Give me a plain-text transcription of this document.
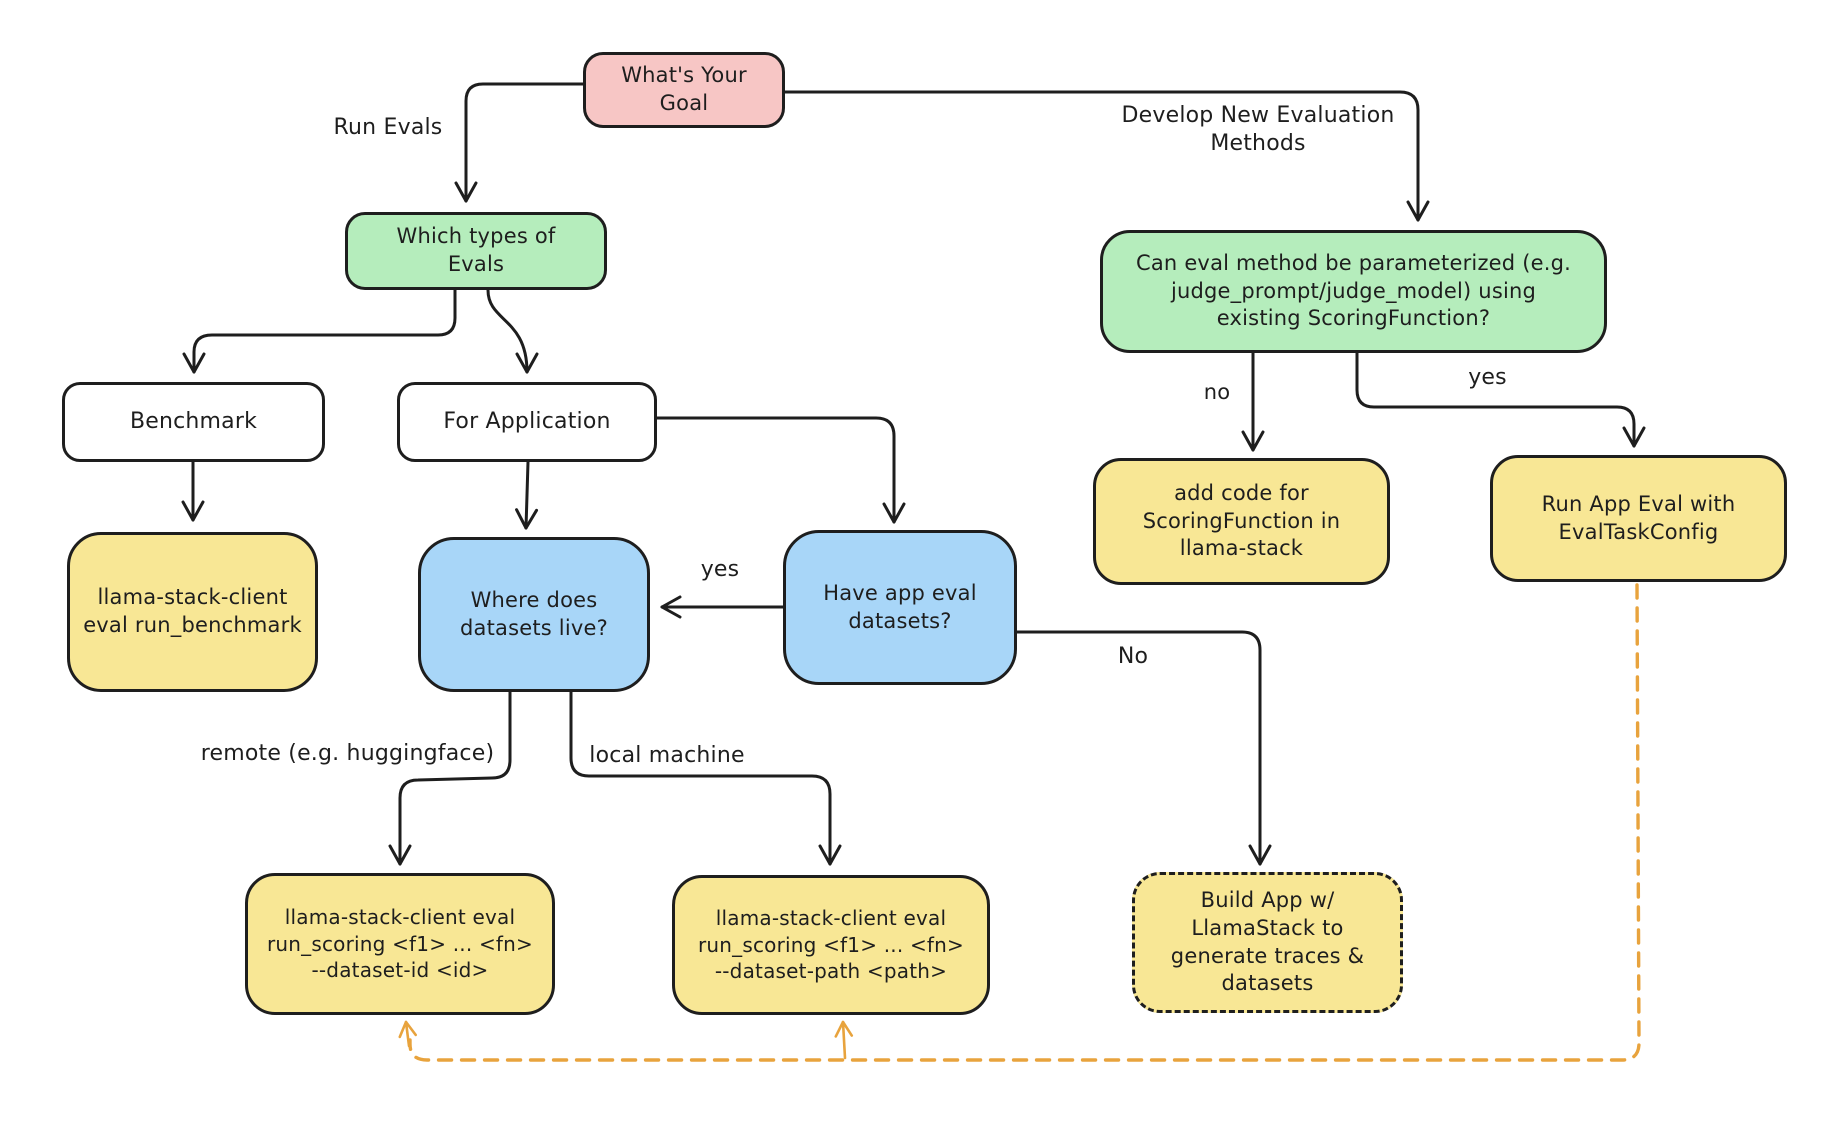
What's Your
Goal
Which types of
Evals	Can eval method be parameterized (e.g.
judge_prompt/judge_model) using
existing ScoringFunction?
Benchmark	For Application
llama-stack-client
eval run_benchmark
Where does
datasets live?
Have app eval
datasets?
add code for
ScoringFunction in
llama-stack
Run App Eval with
EvalTaskConfig
llama-stack-client eval
run_scoring <f1> ... <fn>
--dataset-id <id>
llama-stack-client eval
run_scoring <f1> ... <fn>
--dataset-path <path>
Build App w/
LlamaStack to
generate traces &
datasets
Run Evals	Develop New Evaluation
Methods
yes
No
no
yes
remote (e.g. huggingface)	local machine
